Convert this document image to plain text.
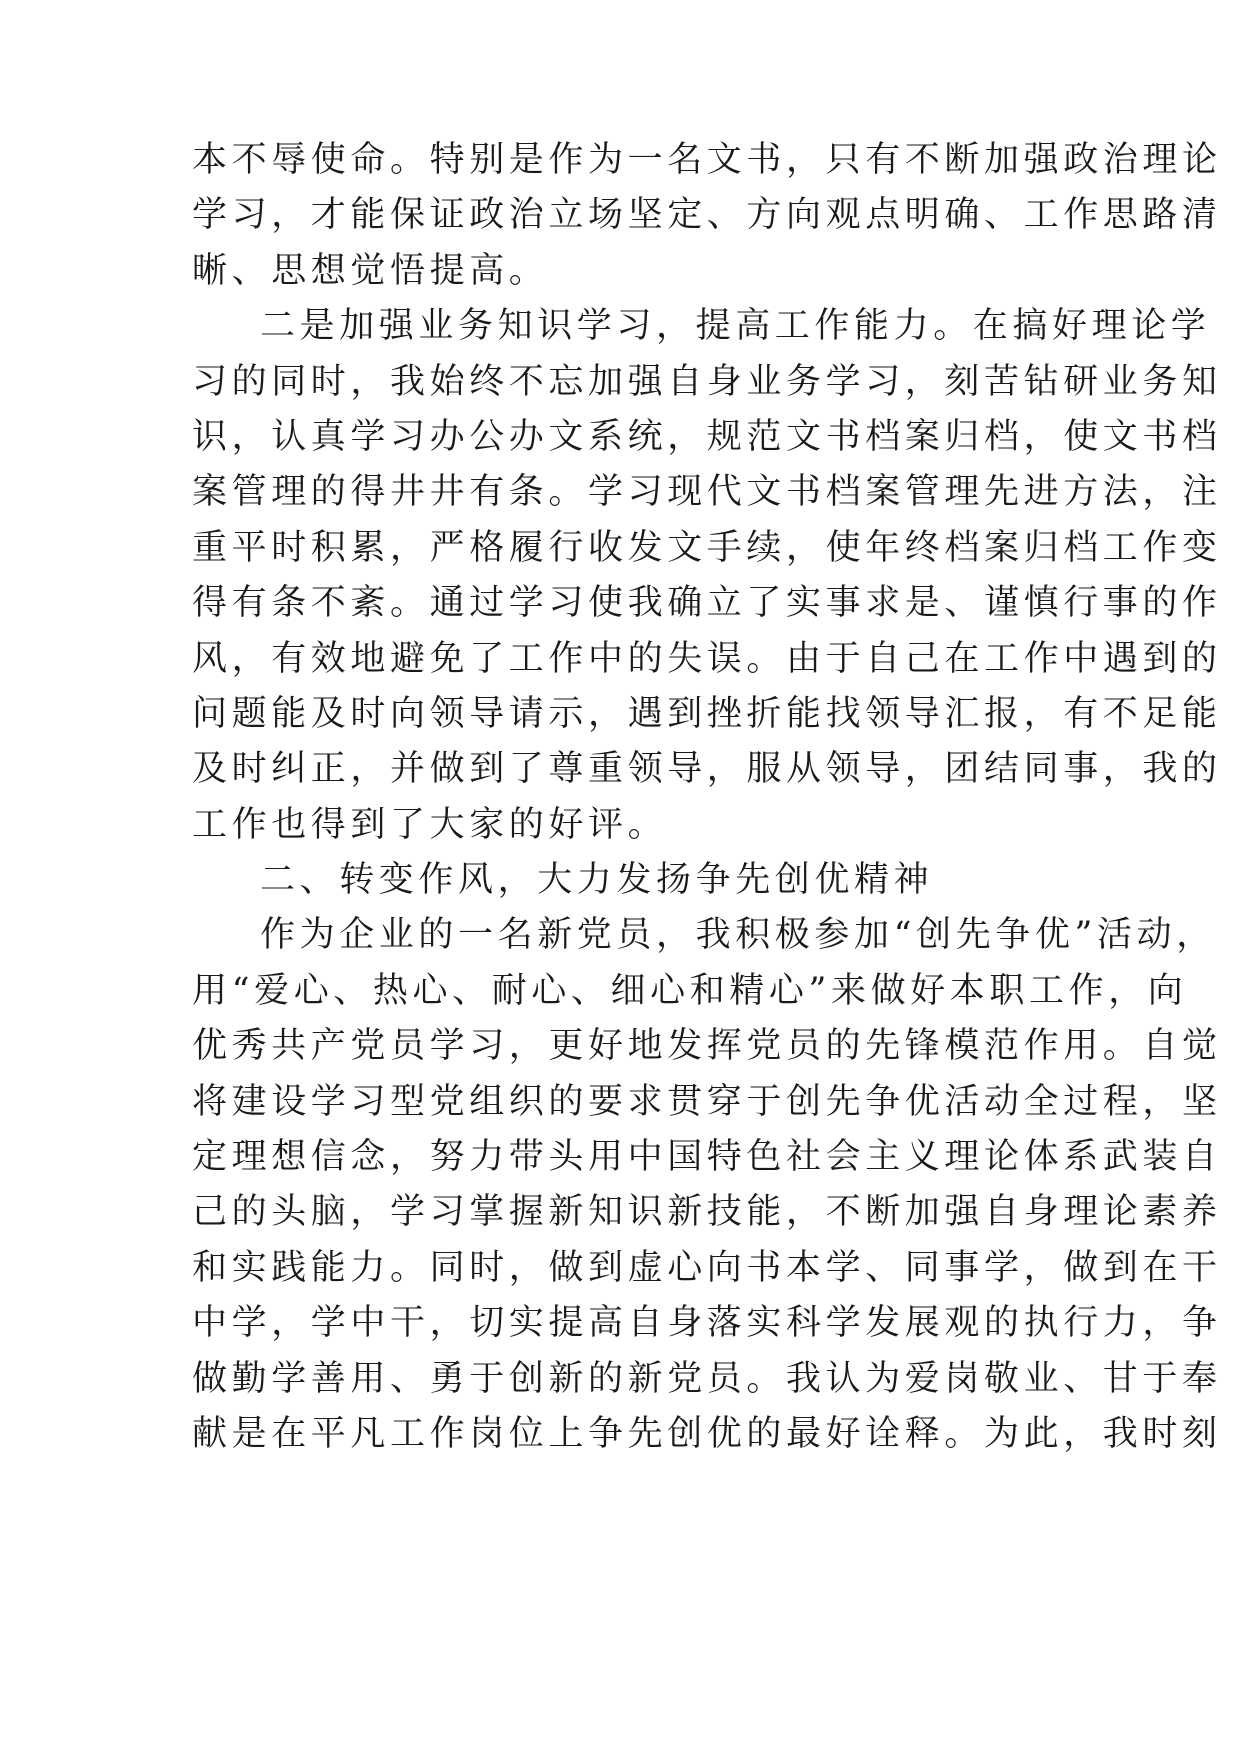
本不辱使命。特别是作为一名文书，只有不断加强政治理论
学习，才能保证政治立场坚定、方向观点明确、工作思路清
晰、思想觉悟提高。
二是加强业务知识学习，提高工作能力。在搞好理论学
习的同时，我始终不忘加强自身业务学习，刻苦钻研业务知
识，认真学习办公办文系统，规范文书档案归档，使文书档
案管理的得井井有条。学习现代文书档案管理先进方法，注
重平时积累，严格履行收发文手续，使年终档案归档工作变
得有条不紊。通过学习使我确立了实事求是、谨慎行事的作
风，有效地避免了工作中的失误。由于自己在工作中遇到的
问题能及时向领导请示，遇到挫折能找领导汇报，有不足能
及时纠正，并做到了尊重领导，服从领导，团结同事，我的
工作也得到了大家的好评。
二、转变作风，大力发扬争先创优精神
作为企业的一名新党员，我积极参加“创先争优”活动，
用“爱心、热心、耐心、细心和精心”来做好本职工作，向
优秀共产党员学习，更好地发挥党员的先锋模范作用。自觉
将建设学习型党组织的要求贯穿于创先争优活动全过程，坚
定理想信念，努力带头用中国特色社会主义理论体系武装自
己的头脑，学习掌握新知识新技能，不断加强自身理论素养
和实践能力。同时，做到虚心向书本学、同事学，做到在干
中学，学中干，切实提高自身落实科学发展观的执行力，争
做勤学善用、勇于创新的新党员。我认为爱岗敬业、甘于奉
献是在平凡工作岗位上争先创优的最好诠释。为此，我时刻
